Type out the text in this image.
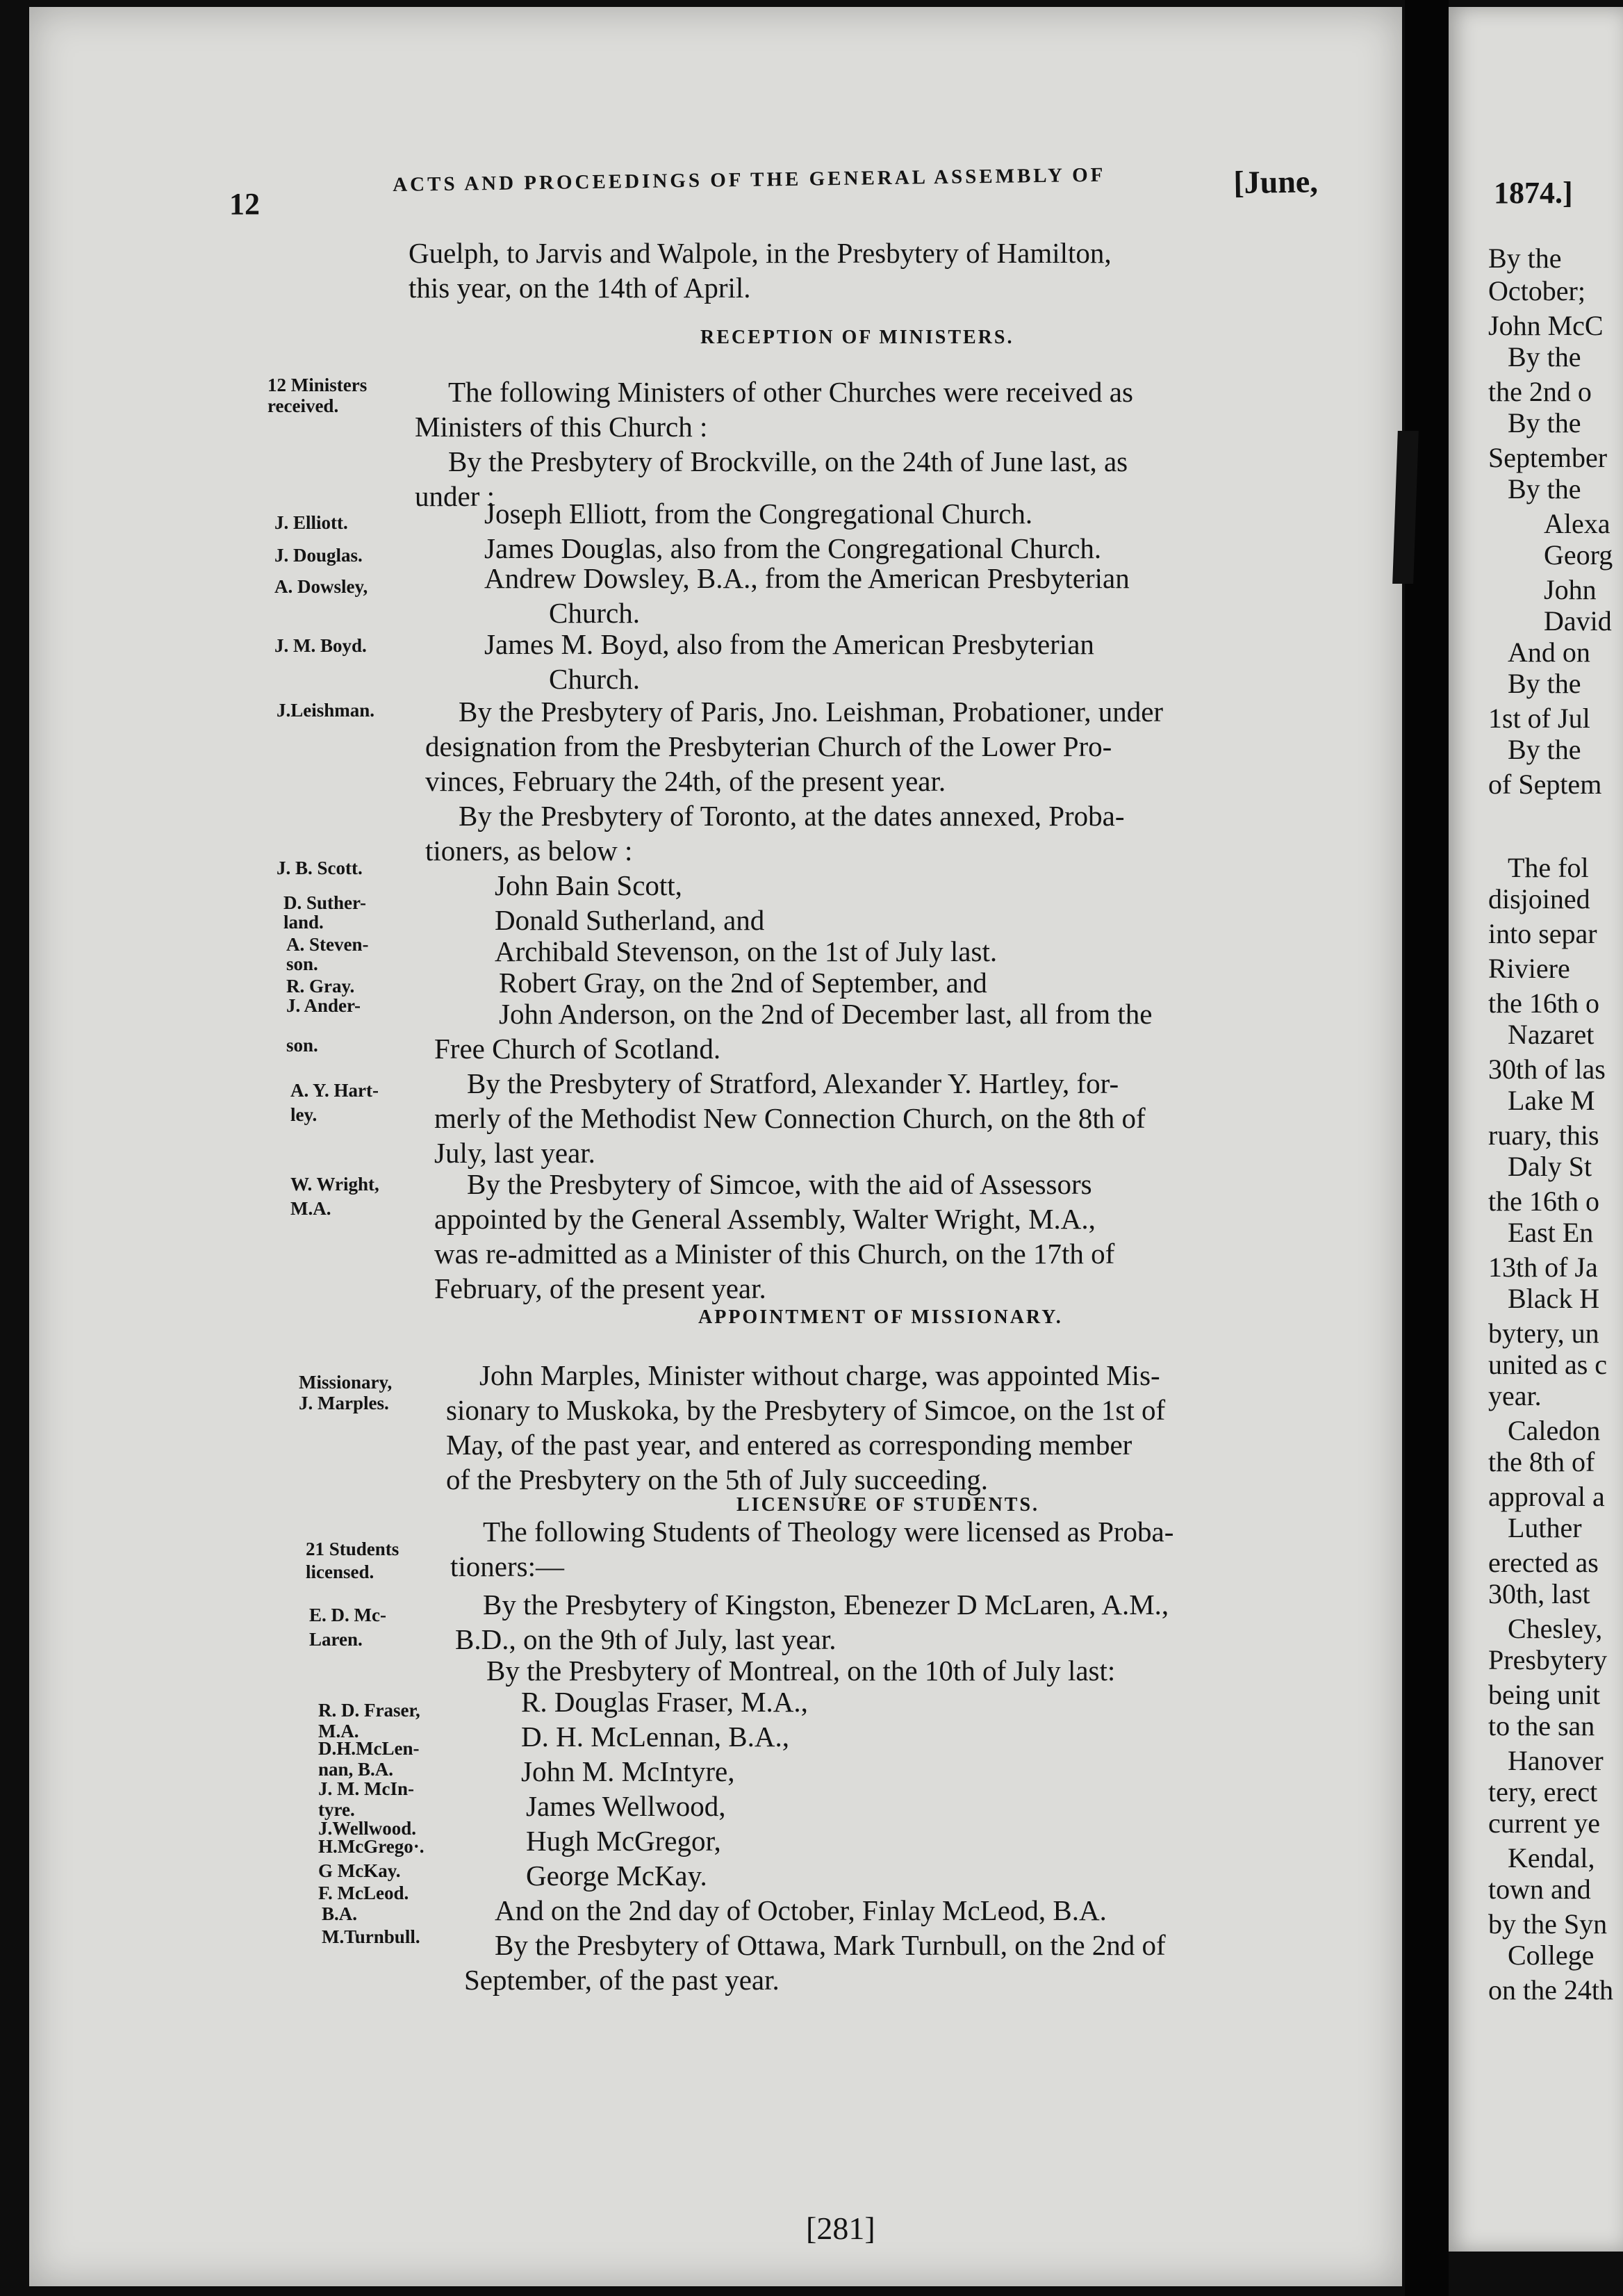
12
ACTS AND PROCEEDINGS OF THE GENERAL ASSEMBLY OF	[June,
Guelph, to Jarvis and Walpole, in the Presbytery of Hamilton,
this year, on the 14th of April.
RECEPTION OF MINISTERS.
The following Ministers of other Churches were received as
Ministers of this Church :
By the Presbytery of Brockville, on the 24th of June last, as
under :
Joseph Elliott, from the Congregational Church.
James Douglas, also from the Congregational Church.
Andrew Dowsley, B.A., from the American Presbyterian
Church.
James M. Boyd, also from the American Presbyterian
Church.
By the Presbytery of Paris, Jno. Leishman, Probationer, under
designation from the Presbyterian Church of the Lower Pro-
vinces, February the 24th, of the present year.
By the Presbytery of Toronto, at the dates annexed, Proba-
tioners, as below :
John Bain Scott,
Donald Sutherland, and
Archibald Stevenson, on the 1st of July last.
Robert Gray, on the 2nd of September, and
John Anderson, on the 2nd of December last, all from the
Free Church of Scotland.
By the Presbytery of Stratford, Alexander Y. Hartley, for-
merly of the Methodist New Connection Church, on the 8th of
July, last year.
By the Presbytery of Simcoe, with the aid of Assessors
appointed by the General Assembly, Walter Wright, M.A.,
was re-admitted as a Minister of this Church, on the 17th of
February, of the present year.
APPOINTMENT OF MISSIONARY.
John Marples, Minister without charge, was appointed Mis-
sionary to Muskoka, by the Presbytery of Simcoe, on the 1st of
May, of the past year, and entered as corresponding member
of the Presbytery on the 5th of July succeeding.
LICENSURE OF STUDENTS.
The following Students of Theology were licensed as Proba-
tioners:—
By the Presbytery of Kingston, Ebenezer D McLaren, A.M.,
B.D., on the 9th of July, last year.
By the Presbytery of Montreal, on the 10th of July last:
R. Douglas Fraser, M.A.,
D. H. McLennan, B.A.,
John M. McIntyre,
James Wellwood,
Hugh McGregor,
George McKay.
And on the 2nd day of October, Finlay McLeod, B.A.
By the Presbytery of Ottawa, Mark Turnbull, on the 2nd of
September, of the past year.
[281]
12 Ministers
received.
J. Elliott.
J. Douglas.
A. Dowsley,
J. M. Boyd.
J.Leishman.
J. B. Scott.
D. Suther-
land.
A. Steven-
son.
R. Gray.
J. Ander-
son.
A. Y. Hart-
ley.
W. Wright,
M.A.
Missionary,
J. Marples.
21 Students
licensed.
E. D. Mc-
Laren.
R. D. Fraser,
M.A.
D.H.McLen-
nan, B.A.
J. M. McIn-
tyre.
J.Wellwood.
H.McGrego·.
G McKay.
F. McLeod.
B.A.
M.Turnbull.
1874.]
By the
October;
John McC
By the
the 2nd o
By the
September
By the
Alexa
Georg
John
David
And on
By the
1st of Jul
By the
of Septem
The fol
disjoined
into separ
Riviere
the 16th o
Nazaret
30th of las
Lake M
ruary, this
Daly St
the 16th o
East En
13th of Ja
Black H
bytery, un
united as c
year.
Caledon
the 8th of
approval a
Luther
erected as
30th, last
Chesley,
Presbytery
being unit
to the san
Hanover
tery, erect
current ye
Kendal,
town and
by the Syn
College
on the 24th
